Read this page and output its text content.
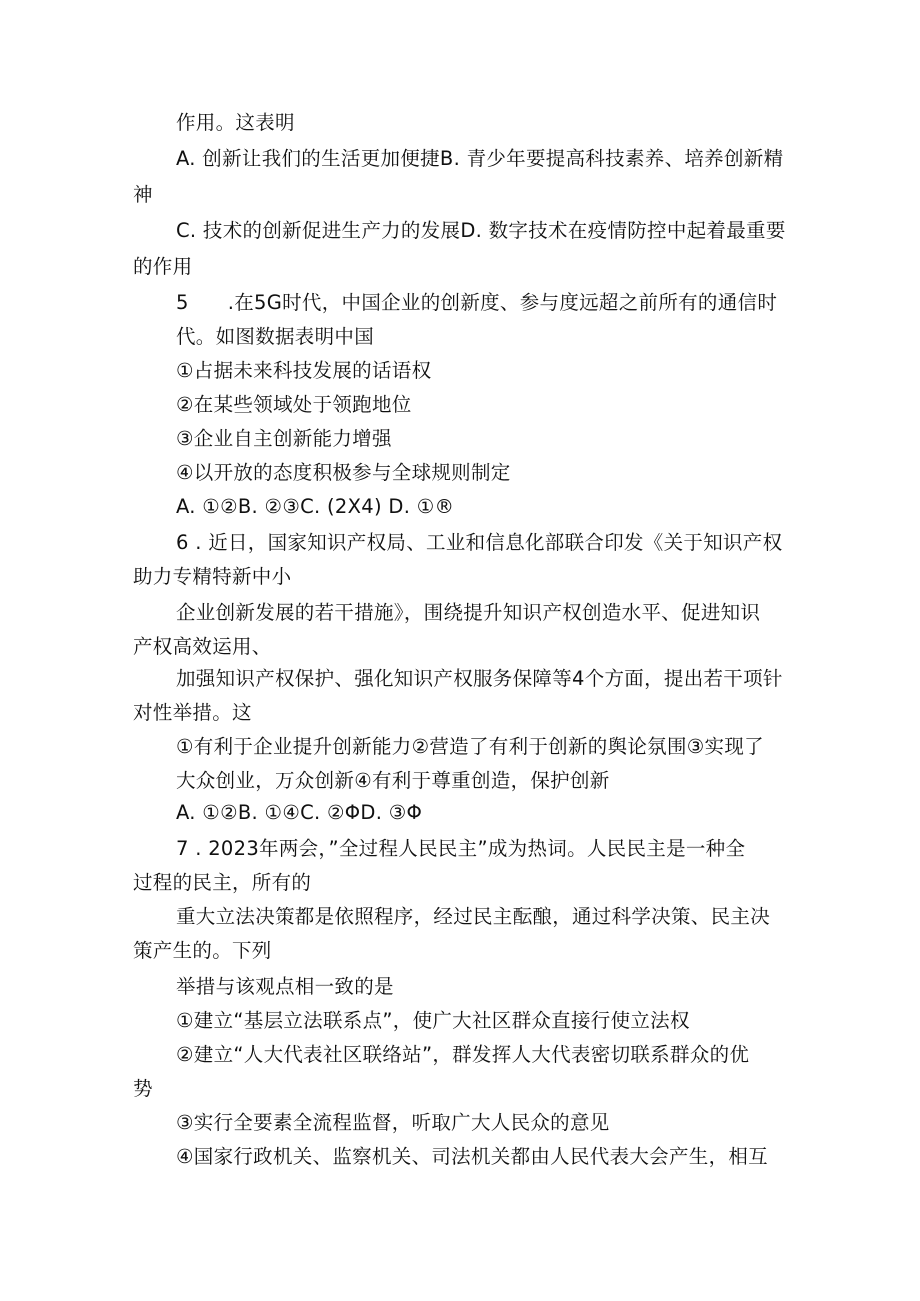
作用。这表明
A. 创新让我们的生活更加便捷B. 青少年要提高科技素养、培养创新精
神
C. 技术的创新促进生产力的发展D. 数字技术在疫情防控中起着最重要
的作用
5      .在5G时代，中国企业的创新度、参与度远超之前所有的通信时
代。如图数据表明中国
①占据未来科技发展的话语权
②在某些领域处于领跑地位
③企业自主创新能力增强
④以开放的态度积极参与全球规则制定
A. ①②B. ②③C. (2X4) D. ①®
6 . 近日，国家知识产权局、工业和信息化部联合印发《关于知识产权
助力专精特新中小
企业创新发展的若干措施》，围绕提升知识产权创造水平、促进知识
产权高效运用、
加强知识产权保护、强化知识产权服务保障等4个方面，提出若干项针
对性举措。这
①有利于企业提升创新能力②营造了有利于创新的舆论氛围③实现了
大众创业，万众创新④有利于尊重创造，保护创新
A. ①②B. ①④C. ②ΦD. ③Φ
7 . 2023年两会，”全过程人民民主”成为热词。人民民主是一种全
过程的民主，所有的
重大立法决策都是依照程序，经过民主酝酿，通过科学决策、民主决
策产生的。下列
举措与该观点相一致的是
①建立“基层立法联系点”，使广大社区群众直接行使立法权
②建立“人大代表社区联络站”，群发挥人大代表密切联系群众的优
势
③实行全要素全流程监督，听取广大人民众的意见
④国家行政机关、监察机关、司法机关都由人民代表大会产生，相互
